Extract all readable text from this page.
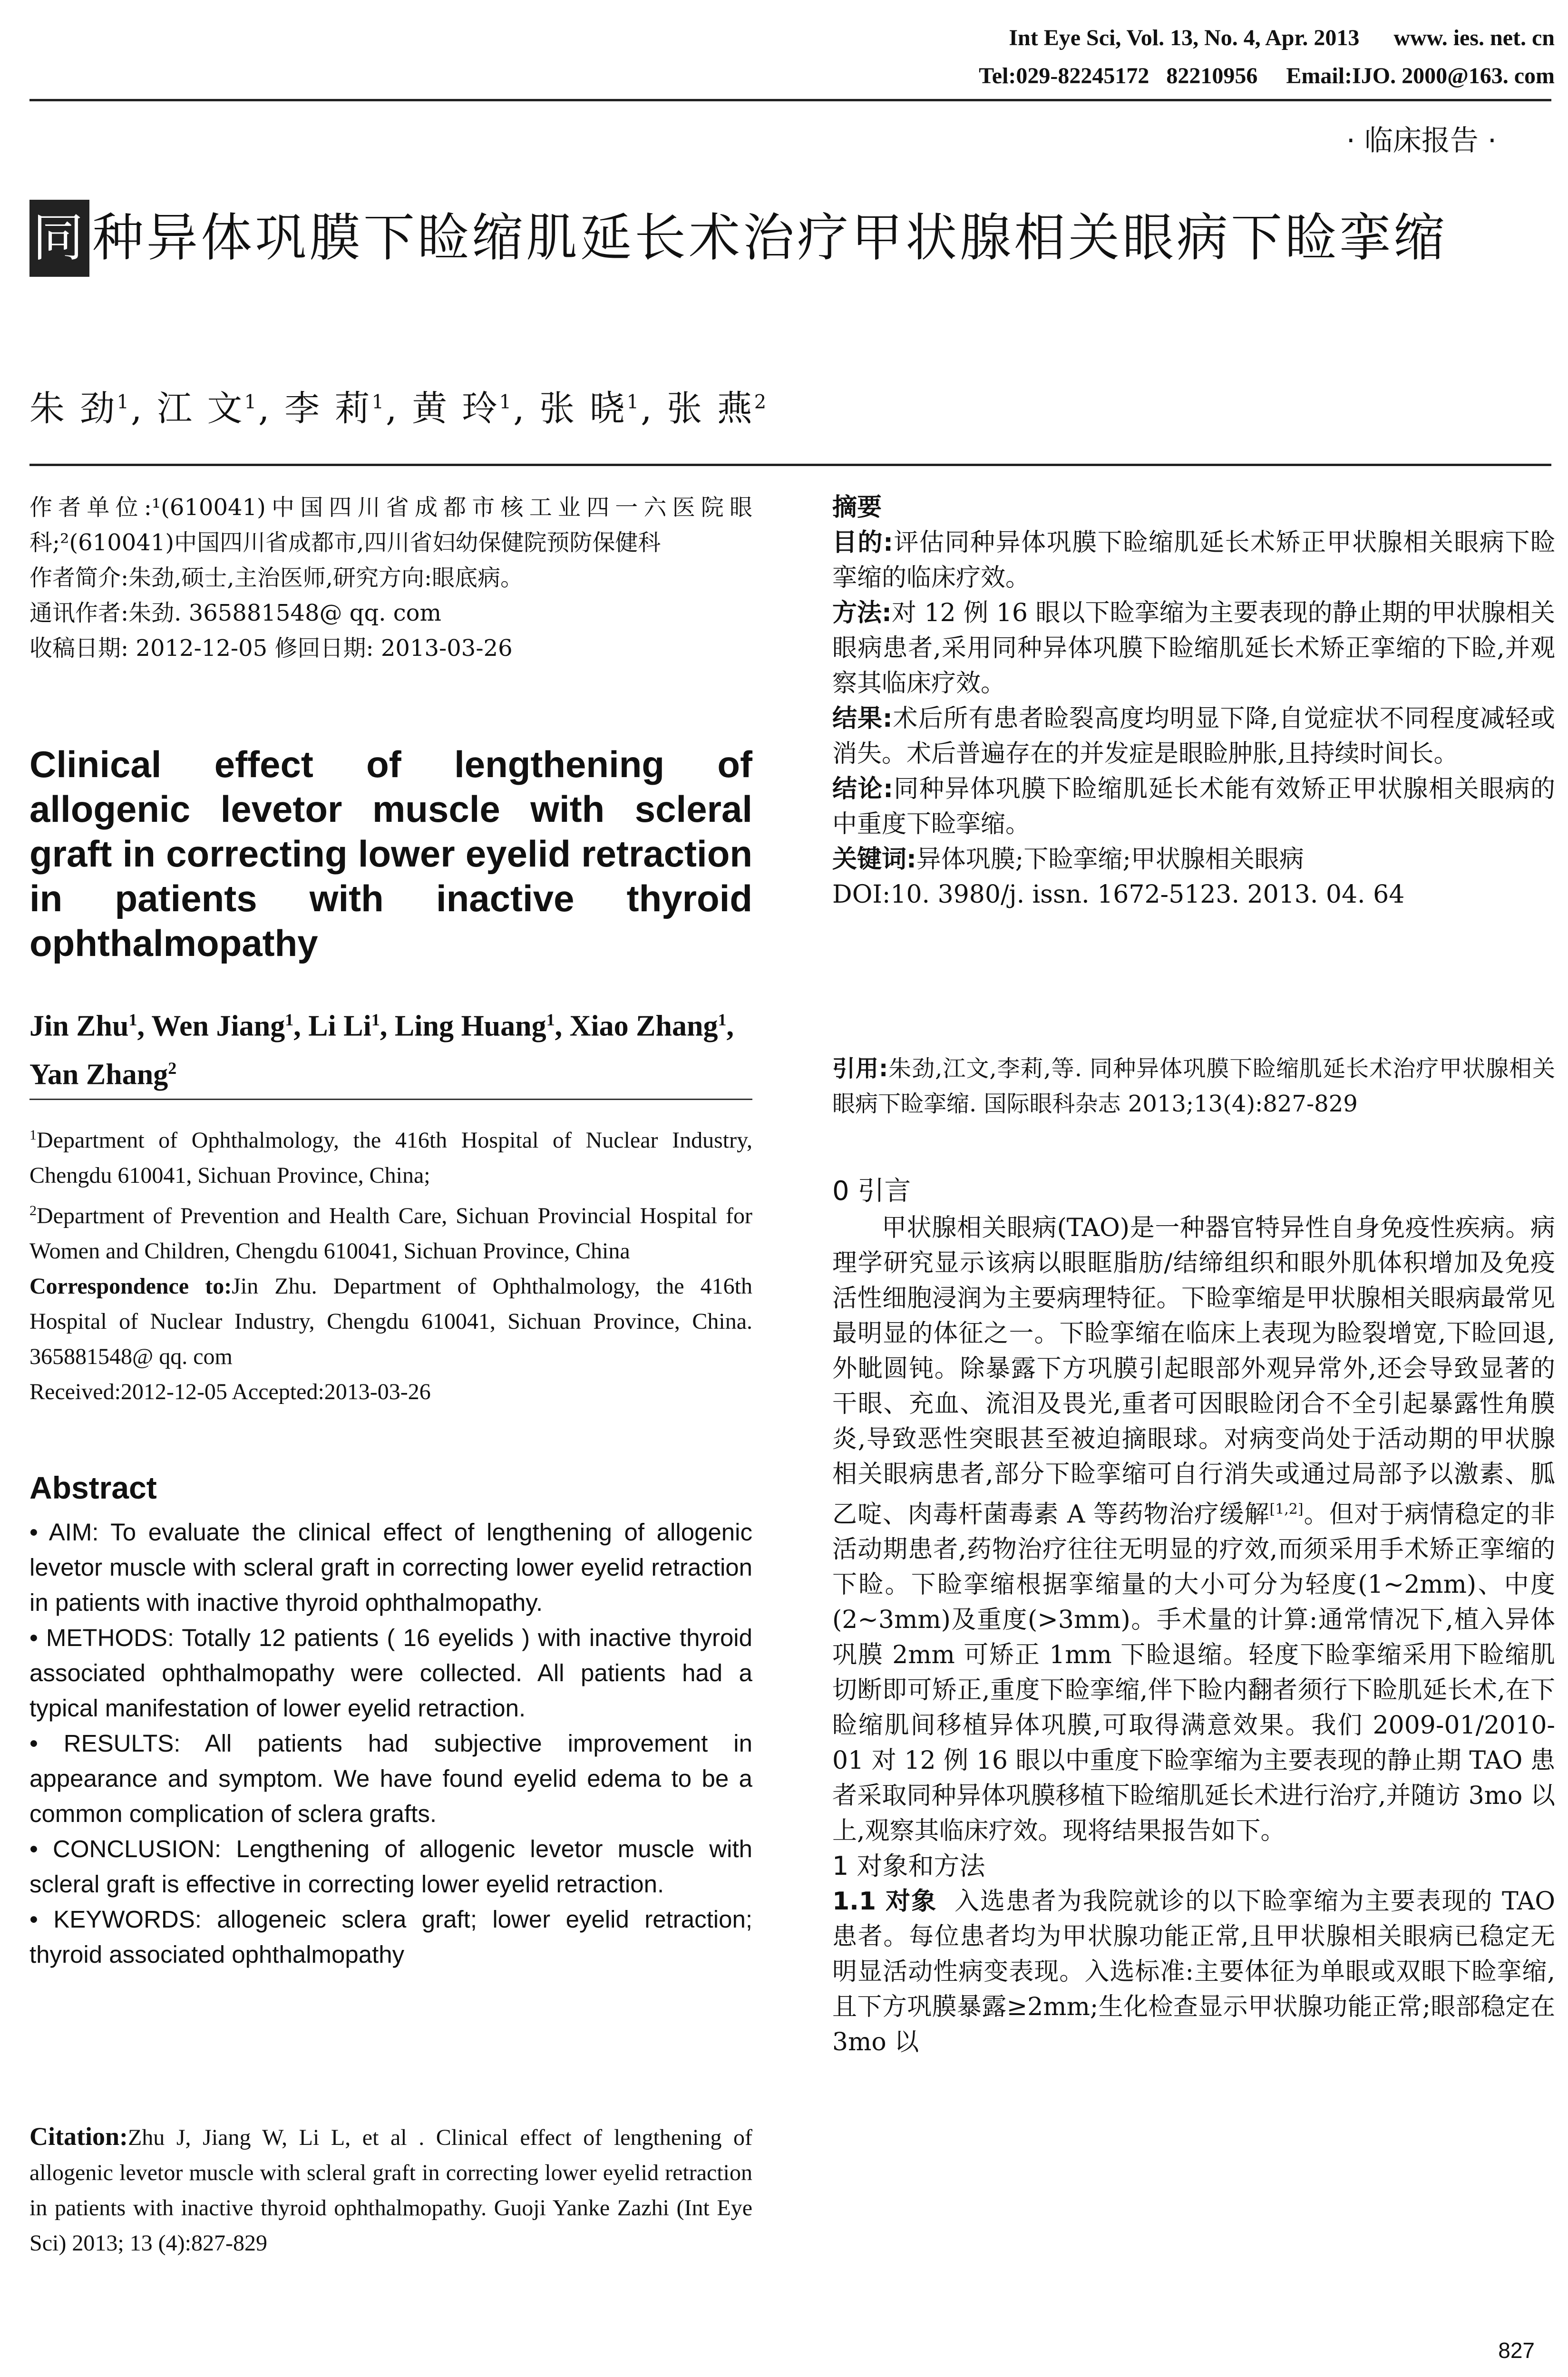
Int Eye Sci, Vol. 13, No. 4, Apr. 2013      www. ies. net. cn
Tel:029-82245172   82210956     Email:IJO. 2000@163. com
· 临床报告 ·
同 种异体巩膜下睑缩肌延长术治疗甲状腺相关眼病下睑挛缩
朱 劲$^1$, 江 文$^1$, 李 莉$^1$, 黄 玲$^1$, 张 晓$^1$, 张 燕$^2$

作者单位:¹(610041)中国四川省成都市核工业四一六医院眼科;²(610041)中国四川省成都市,四川省妇幼保健院预防保健科

作者简介:朱劲,硕士,主治医师,研究方向:眼底病。

通讯作者:朱劲. 365881548@ qq. com

收稿日期: 2012-12-05 修回日期: 2013-03-26

Clinical effect of lengthening of allogenic levetor muscle with scleral graft in correcting lower eyelid retraction in patients with inactive thyroid ophthalmopathy
Jin Zhu$^1$, Wen Jiang$^1$, Li Li$^1$, Ling Huang$^1$, Xiao Zhang$^1$, Yan Zhang$^2$
$^1$Department of Ophthalmology, the 416th Hospital of Nuclear Industry, Chengdu 610041, Sichuan Province, China;
$^2$Department of Prevention and Health Care, Sichuan Provincial Hospital for Women and Children, Chengdu 610041, Sichuan Province, China
Correspondence to:Jin Zhu. Department of Ophthalmology, the 416th Hospital of Nuclear Industry, Chengdu 610041, Sichuan Province, China. 365881548@ qq. com
Received:2012-12-05 Accepted:2013-03-26
Abstract

• AIM: To evaluate the clinical effect of lengthening of allogenic levetor muscle with scleral graft in correcting lower eyelid retraction in patients with inactive thyroid ophthalmopathy.

• METHODS: Totally 12 patients ( 16 eyelids ) with inactive thyroid associated ophthalmopathy were collected. All patients had a typical manifestation of lower eyelid retraction.

• RESULTS: All patients had subjective improvement in appearance and symptom. We have found eyelid edema to be a common complication of sclera grafts.

• CONCLUSION: Lengthening of allogenic levetor muscle with scleral graft is effective in correcting lower eyelid retraction.

• KEYWORDS: allogeneic sclera graft; lower eyelid retraction; thyroid associated ophthalmopathy

Citation:Zhu J, Jiang W, Li L, et al . Clinical effect of lengthening of allogenic levetor muscle with scleral graft in correcting lower eyelid retraction in patients with inactive thyroid ophthalmopathy. Guoji Yanke Zazhi (Int Eye Sci) 2013; 13 (4):827-829

摘要

目的:评估同种异体巩膜下睑缩肌延长术矫正甲状腺相关眼病下睑挛缩的临床疗效。

方法:对 12 例 16 眼以下睑挛缩为主要表现的静止期的甲状腺相关眼病患者,采用同种异体巩膜下睑缩肌延长术矫正挛缩的下睑,并观察其临床疗效。

结果:术后所有患者睑裂高度均明显下降,自觉症状不同程度减轻或消失。术后普遍存在的并发症是眼睑肿胀,且持续时间长。

结论:同种异体巩膜下睑缩肌延长术能有效矫正甲状腺相关眼病的中重度下睑挛缩。

关键词:异体巩膜;下睑挛缩;甲状腺相关眼病

DOI:10. 3980/j. issn. 1672-5123. 2013. 04. 64

引用:朱劲,江文,李莉,等. 同种异体巩膜下睑缩肌延长术治疗甲状腺相关眼病下睑挛缩. 国际眼科杂志 2013;13(4):827-829

0 引言

甲状腺相关眼病(TAO)是一种器官特异性自身免疫性疾病。病理学研究显示该病以眼眶脂肪/结缔组织和眼外肌体积增加及免疫活性细胞浸润为主要病理特征。下睑挛缩是甲状腺相关眼病最常见最明显的体征之一。下睑挛缩在临床上表现为睑裂增宽,下睑回退,外眦圆钝。除暴露下方巩膜引起眼部外观异常外,还会导致显著的干眼、充血、流泪及畏光,重者可因眼睑闭合不全引起暴露性角膜炎,导致恶性突眼甚至被迫摘眼球。对病变尚处于活动期的甲状腺相关眼病患者,部分下睑挛缩可自行消失或通过局部予以激素、胍乙啶、肉毒杆菌毒素 A 等药物治疗缓解[1,2]。但对于病情稳定的非活动期患者,药物治疗往往无明显的疗效,而须采用手术矫正挛缩的下睑。下睑挛缩根据挛缩量的大小可分为轻度(1~2mm)、中度(2~3mm)及重度(>3mm)。手术量的计算:通常情况下,植入异体巩膜 2mm 可矫正 1mm 下睑退缩。轻度下睑挛缩采用下睑缩肌切断即可矫正,重度下睑挛缩,伴下睑内翻者须行下睑肌延长术,在下睑缩肌间移植异体巩膜,可取得满意效果。我们 2009-01/2010-01 对 12 例 16 眼以中重度下睑挛缩为主要表现的静止期 TAO 患者采取同种异体巩膜移植下睑缩肌延长术进行治疗,并随访 3mo 以上,观察其临床疗效。现将结果报告如下。

1 对象和方法

1.1 对象 入选患者为我院就诊的以下睑挛缩为主要表现的 TAO 患者。每位患者均为甲状腺功能正常,且甲状腺相关眼病已稳定无明显活动性病变表现。入选标准:主要体征为单眼或双眼下睑挛缩,且下方巩膜暴露≥2mm;生化检查显示甲状腺功能正常;眼部稳定在 3mo 以

827
